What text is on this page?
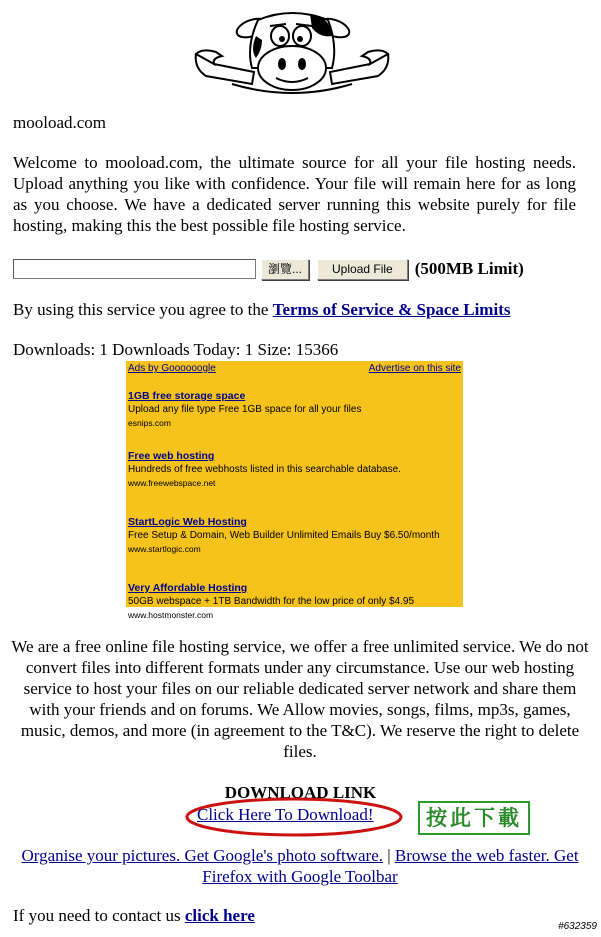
mooload.com
Welcome to mooload.com, the ultimate source for all your file hosting needs. Upload anything you like with confidence. Your file will remain here for as long as you choose. We have a dedicated server running this website purely for file hosting, making this the best possible file hosting service.
瀏覽...	Upload File	(500MB Limit)
By using this service you agree to the Terms of Service & Space Limits
Downloads: 1 Downloads Today: 1 Size: 15366
Ads by Goooooogle	Advertise on this site
1GB free storage space
Upload any file type Free 1GB space for all your files
esnips.com
Free web hosting
Hundreds of free webhosts listed in this searchable database.
www.freewebspace.net
StartLogic Web Hosting
Free Setup & Domain, Web Builder Unlimited Emails Buy $6.50/month
www.startlogic.com
Very Affordable Hosting
50GB webspace + 1TB Bandwidth for the low price of only $4.95
www.hostmonster.com
We are a free online file hosting service, we offer a free unlimited service. We do not convert files into different formats under any circumstance. Use our web hosting service to host your files on our reliable dedicated server network and share them with your friends and on forums. We Allow movies, songs, films, mp3s, games, music, demos, and more (in agreement to the T&C). We reserve the right to delete files.
DOWNLOAD LINK
Click Here To Download!	按此下載
Organise your pictures. Get Google's photo software. | Browse the web faster. Get Firefox with Google Toolbar
If you need to contact us click here
#632359
